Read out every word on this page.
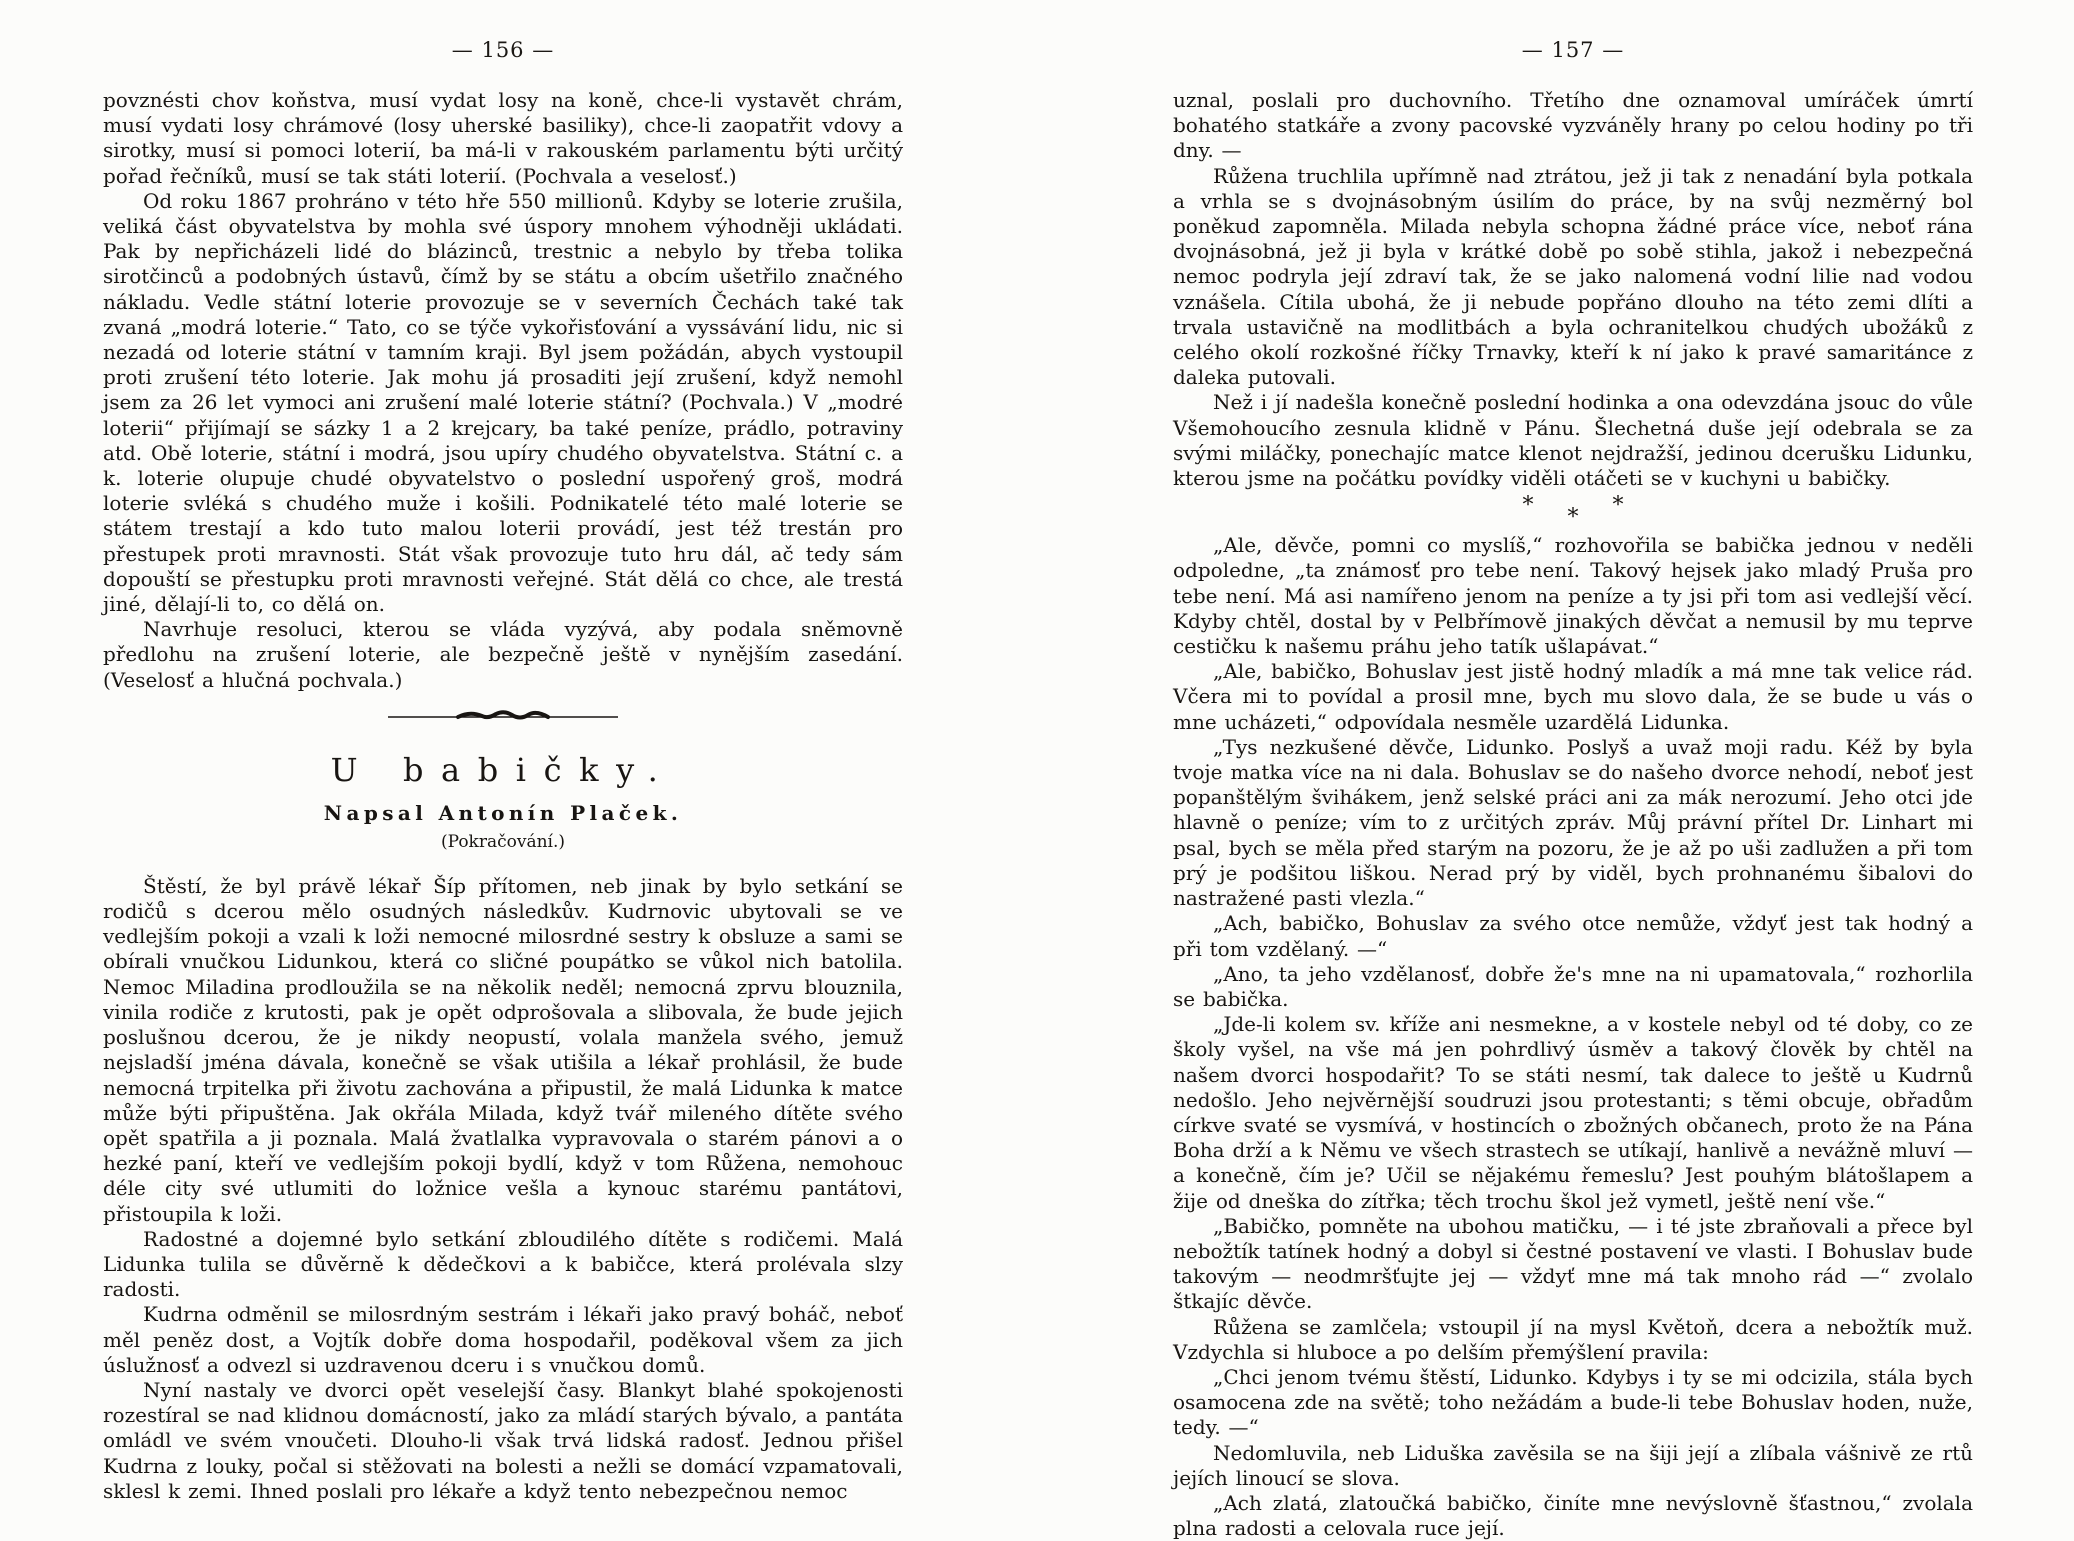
— 156 —

povznésti chov koňstva, musí vydat losy na koně, chce-li vystavět chrám, musí vydati losy chrámové (losy uherské basiliky), chce-li zaopatřit vdovy a sirotky, musí si pomoci loterií, ba má-li v rakouském parlamentu býti určitý pořad řečníků, musí se tak státi loterií. (Pochvala a veselosť.)

Od roku 1867 prohráno v této hře 550 millionů. Kdyby se loterie zrušila, veliká část obyvatelstva by mohla své úspory mnohem výhodněji ukládati. Pak by nepřicházeli lidé do blázinců, trestnic a nebylo by třeba tolika sirotčinců a podobných ústavů, čímž by se státu a obcím ušetřilo značného nákladu. Vedle státní loterie provozuje se v severních Čechách také tak zvaná „modrá loterie.“ Tato, co se týče vykořisťování a vyssávání lidu, nic si nezadá od loterie státní v tamním kraji. Byl jsem požádán, abych vystoupil proti zrušení této loterie. Jak mohu já prosaditi její zrušení, když nemohl jsem za 26 let vymoci ani zrušení malé loterie státní? (Pochvala.) V „modré loterii“ přijímají se sázky 1 a 2 krejcary, ba také peníze, prádlo, potraviny atd. Obě loterie, státní i modrá, jsou upíry chudého obyvatelstva. Státní c. a k. loterie olupuje chudé obyvatelstvo o poslední uspořený groš, modrá loterie svléká s chudého muže i košili. Podnikatelé této malé loterie se státem trestají a kdo tuto malou loterii provádí, jest též trestán pro přestupek proti mravnosti. Stát však provozuje tuto hru dál, ač tedy sám dopouští se přestupku proti mravnosti veřejné. Stát dělá co chce, ale trestá jiné, dělají-li to, co dělá on.

Navrhuje resoluci, kterou se vláda vyzývá, aby podala sněmovně předlohu na zrušení loterie, ale bezpečně ještě v nynějším zasedání. (Veselosť a hlučná pochvala.)

U babičky.
Napsal Antonín Plaček.
(Pokračování.)

Štěstí, že byl právě lékař Šíp přítomen, neb jinak by bylo setkání se rodičů s dcerou mělo osudných následkův. Kudrnovic ubytovali se ve vedlejším pokoji a vzali k loži nemocné milosrdné sestry k obsluze a sami se obírali vnučkou Lidunkou, která co sličné poupátko se vůkol nich batolila. Nemoc Miladina prodloužila se na několik neděl; nemocná zprvu blouznila, vinila rodiče z krutosti, pak je opět odprošovala a slibovala, že bude jejich poslušnou dcerou, že je nikdy neopustí, volala manžela svého, jemuž nejsladší jména dávala, konečně se však utišila a lékař prohlásil, že bude nemocná trpitelka při životu zachována a připustil, že malá Lidunka k matce může býti připuštěna. Jak okřála Milada, když tvář mileného dítěte svého opět spatřila a ji poznala. Malá žvatlalka vypravovala o starém pánovi a o hezké paní, kteří ve vedlejším pokoji bydlí, když v tom Růžena, nemohouc déle city své utlumiti do ložnice vešla a kynouc starému pantátovi, přistoupila k loži.

Radostné a dojemné bylo setkání zbloudilého dítěte s rodičemi. Malá Lidunka tulila se důvěrně k dědečkovi a k babičce, která prolévala slzy radosti.

Kudrna odměnil se milosrdným sestrám i lékaři jako pravý boháč, neboť měl peněz dost, a Vojtík dobře doma hospodařil, poděkoval všem za jich úslužnosť a odvezl si uzdravenou dceru i s vnučkou domů.

Nyní nastaly ve dvorci opět veselejší časy. Blankyt blahé spokojenosti rozestíral se nad klidnou domácností, jako za mládí starých bývalo, a pantáta omládl ve svém vnoučeti. Dlouho-li však trvá lidská radosť. Jednou přišel Kudrna z louky, počal si stěžovati na bolesti a nežli se domácí vzpamatovali, sklesl k zemi. Ihned poslali pro lékaře a když tento nebezpečnou nemoc

— 157 —

uznal, poslali pro duchovního. Třetího dne oznamoval umíráček úmrtí bohatého statkáře a zvony pacovské vyzváněly hrany po celou hodiny po tři dny. —

Růžena truchlila upřímně nad ztrátou, jež ji tak z nenadání byla potkala a vrhla se s dvojnásobným úsilím do práce, by na svůj nezměrný bol poněkud zapomněla. Milada nebyla schopna žádné práce více, neboť rána dvojnásobná, jež ji byla v krátké době po sobě stihla, jakož i nebezpečná nemoc podryla její zdraví tak, že se jako nalomená vodní lilie nad vodou vznášela. Cítila ubohá, že ji nebude popřáno dlouho na této zemi dlíti a trvala ustavičně na modlitbách a byla ochranitelkou chudých ubožáků z celého okolí rozkošné říčky Trnavky, kteří k ní jako k pravé samaritánce z daleka putovali.

Než i jí nadešla konečně poslední hodinka a ona odevzdána jsouc do vůle Všemohoucího zesnula klidně v Pánu. Šlechetná duše její odebrala se za svými miláčky, ponechajíc matce klenot nejdražší, jedinou dcerušku Lidunku, kterou jsme na počátku povídky viděli otáčeti se v kuchyni u babičky.

* * *

„Ale, děvče, pomni co myslíš,“ rozhovořila se babička jednou v neděli odpoledne, „ta známosť pro tebe není. Takový hejsek jako mladý Pruša pro tebe není. Má asi namířeno jenom na peníze a ty jsi při tom asi vedlejší věcí. Kdyby chtěl, dostal by v Pelbřímově jinakých děvčat a nemusil by mu teprve cestičku k našemu práhu jeho tatík ušlapávat.“

„Ale, babičko, Bohuslav jest jistě hodný mladík a má mne tak velice rád. Včera mi to povídal a prosil mne, bych mu slovo dala, že se bude u vás o mne ucházeti,“ odpovídala nesměle uzardělá Lidunka.

„Tys nezkušené děvče, Lidunko. Poslyš a uvaž moji radu. Kéž by byla tvoje matka více na ni dala. Bohuslav se do našeho dvorce nehodí, neboť jest popanštělým švihákem, jenž selské práci ani za mák nerozumí. Jeho otci jde hlavně o peníze; vím to z určitých zpráv. Můj právní přítel Dr. Linhart mi psal, bych se měla před starým na pozoru, že je až po uši zadlužen a při tom prý je podšitou liškou. Nerad prý by viděl, bych prohnanému šibalovi do nastražené pasti vlezla.“

„Ach, babičko, Bohuslav za svého otce nemůže, vždyť jest tak hodný a při tom vzdělaný. —“

„Ano, ta jeho vzdělanosť, dobře že's mne na ni upamatovala,“ rozhorlila se babička.

„Jde-li kolem sv. kříže ani nesmekne, a v kostele nebyl od té doby, co ze školy vyšel, na vše má jen pohrdlivý úsměv a takový člověk by chtěl na našem dvorci hospodařit? To se státi nesmí, tak dalece to ještě u Kudrnů nedošlo. Jeho nejvěrnější soudruzi jsou protestanti; s těmi obcuje, obřadům církve svaté se vysmívá, v hostincích o zbožných občanech, proto že na Pána Boha drží a k Němu ve všech strastech se utíkají, hanlivě a nevážně mluví — a konečně, čím je? Učil se nějakému řemeslu? Jest pouhým blátošlapem a žije od dneška do zítřka; těch trochu škol jež vymetl, ještě není vše.“

„Babičko, pomněte na ubohou matičku, — i té jste zbraňovali a přece byl nebožtík tatínek hodný a dobyl si čestné postavení ve vlasti. I Bohuslav bude takovým — neodmršťujte jej — vždyť mne má tak mnoho rád —“ zvolalo štkajíc děvče.

Růžena se zamlčela; vstoupil jí na mysl Květoň, dcera a nebožtík muž. Vzdychla si hluboce a po delším přemýšlení pravila:

„Chci jenom tvému štěstí, Lidunko. Kdybys i ty se mi odcizila, stála bych osamocena zde na světě; toho nežádám a bude-li tebe Bohuslav hoden, nuže, tedy. —“

Nedomluvila, neb Liduška zavěsila se na šiji její a zlíbala vášnivě ze rtů jejích linoucí se slova.

„Ach zlatá, zlatoučká babičko, činíte mne nevýslovně šťastnou,“ zvolala plna radosti a celovala ruce její.
